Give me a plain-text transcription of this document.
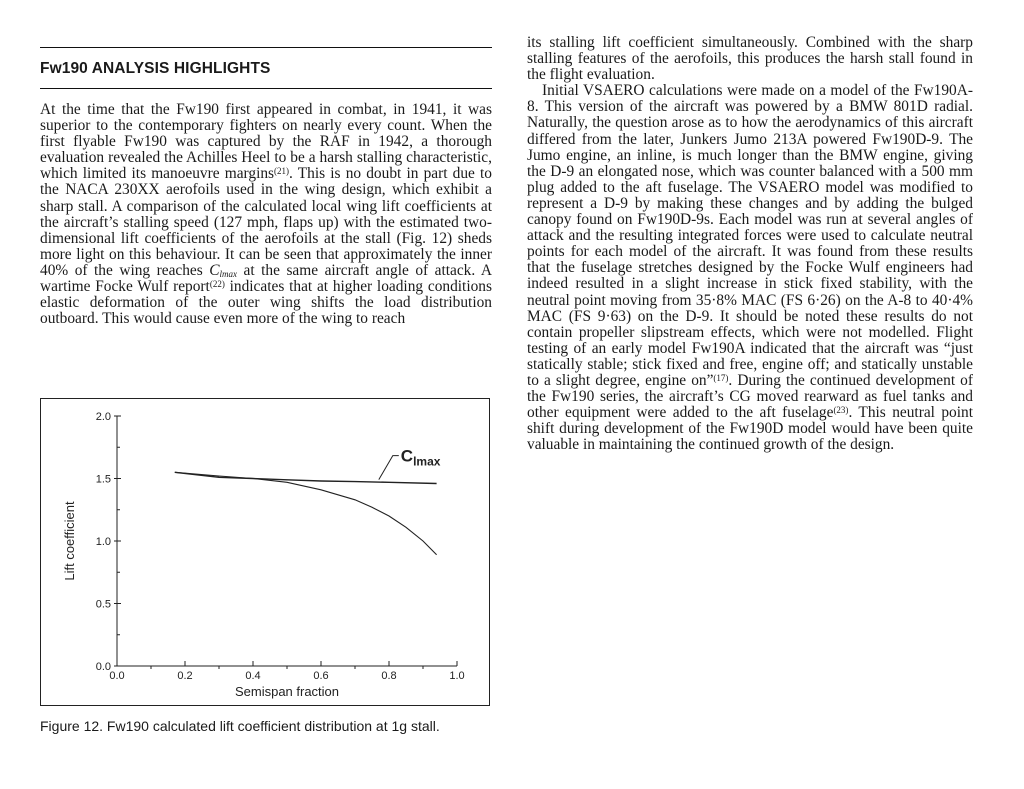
Fw190 ANALYSIS HIGHLIGHTS

At the time that the Fw190 first appeared in combat, in 1941, it was superior to the contemporary fighters on nearly every count. When the first flyable Fw190 was captured by the RAF in 1942, a thorough evaluation revealed the Achilles Heel to be a harsh stalling characteristic, which limited its manoeuvre margins$^{(21)}$. This is no doubt in part due to the NACA 230XX aerofoils used in the wing design, which exhibit a sharp stall. A comparison of the calculated local wing lift coefficients at the aircraft’s stalling speed (127 mph, flaps up) with the estimated two-dimensional lift coefficients of the aerofoils at the stall (Fig. 12) sheds more light on this behaviour. It can be seen that approximately the inner 40% of the wing reaches $C_{lmax}$ at the same aircraft angle of attack. A wartime Focke Wulf report$^{(22)}$ indicates that at higher loading conditions elastic deformation of the outer wing shifts the load distribution outboard. This would cause even more of the wing to reach

0.0
0.5
1.0
1.5
2.0
0.0	0.2	0.4	0.6	0.8	1.0
Semispan fraction
Lift coefficient
$C_{lmax}$
Figure 12. Fw190 calculated lift coefficient distribution at 1g stall.

its stalling lift coefficient simultaneously. Combined with the sharp stalling features of the aerofoils, this produces the harsh stall found in the flight evaluation.

Initial VSAERO calculations were made on a model of the Fw190A-8. This version of the aircraft was powered by a BMW 801D radial. Naturally, the question arose as to how the aerodynamics of this aircraft differed from the later, Junkers Jumo 213A powered Fw190D-9. The Jumo engine, an inline, is much longer than the BMW engine, giving the D-9 an elongated nose, which was counter balanced with a 500 mm plug added to the aft fuselage. The VSAERO model was modified to represent a D-9 by making these changes and by adding the bulged canopy found on Fw190D-9s. Each model was run at several angles of attack and the resulting integrated forces were used to calculate neutral points for each model of the aircraft. It was found from these results that the fuselage stretches designed by the Focke Wulf engineers had indeed resulted in a slight increase in stick fixed stability, with the neutral point moving from 35·8% MAC (FS 6·26) on the A-8 to 40·4% MAC (FS 9·63) on the D-9. It should be noted these results do not contain propeller slipstream effects, which were not modelled. Flight testing of an early model Fw190A indicated that the aircraft was “just statically stable; stick fixed and free, engine off; and statically unstable to a slight degree, engine on”$^{(17)}$. During the continued development of the Fw190 series, the aircraft’s CG moved rearward as fuel tanks and other equipment were added to the aft fuselage$^{(23)}$. This neutral point shift during development of the Fw190D model would have been quite valuable in maintaining the continued growth of the design.
